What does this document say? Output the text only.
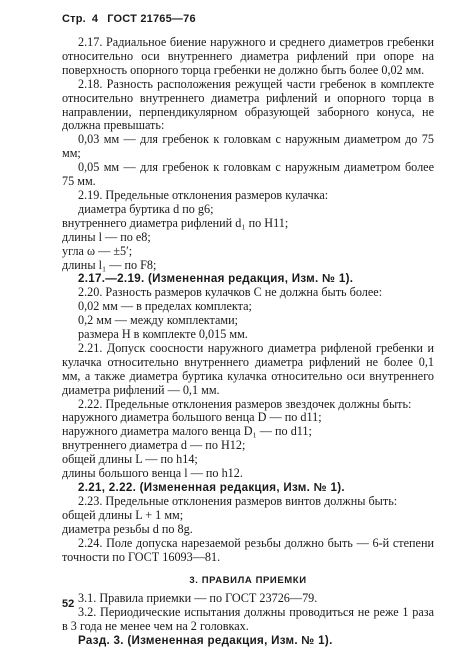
Стр. 4 ГОСТ 21765—76

2.17. Радиальное биение наружного и среднего диаметров гребенки относительно оси внутреннего диаметра рифлений при опоре на поверхность опорного торца гребенки не должно быть более 0,02 мм.

2.18. Разность расположения режущей части гребенок в комплекте относительно внутреннего диаметра рифлений и опорного торца в направлении, перпендикулярном образующей заборного конуса, не должна превышать:

0,03 мм — для гребенок к головкам с наружным диаметром до 75 мм;

0,05 мм — для гребенок к головкам с наружным диаметром более 75 мм.

2.19. Предельные отклонения размеров кулачка:

диаметра буртика d по g6;

внутреннего диаметра рифлений d₁ по Н11;

длины l — по е8;

угла ω — ±5′;

длины l₁ — по F8;

2.17.—2.19. (Измененная редакция, Изм. № 1).

2.20. Разность размеров кулачков С не должна быть более:

0,02 мм — в пределах комплекта;

0,2 мм — между комплектами;

размера Н в комплекте 0,015 мм.

2.21. Допуск соосности наружного диаметра рифленой гребенки и кулачка относительно внутреннего диаметра рифлений не более 0,1 мм, а также диаметра буртика кулачка относительно оси внутреннего диаметра рифлений — 0,1 мм.

2.22. Предельные отклонения размеров звездочек должны быть:

наружного диаметра большого венца D — по d11;

наружного диаметра малого венца D₁ — по d11;

внутреннего диаметра d — по Н12;

общей длины L — по h14;

длины большого венца l — по h12.

2.21, 2.22. (Измененная редакция, Изм. № 1).

2.23. Предельные отклонения размеров винтов должны быть:

общей длины L + 1 мм;

диаметра резьбы d по 8g.

2.24. Поле допуска нарезаемой резьбы должно быть — 6-й степени точности по ГОСТ 16093—81.

3. ПРАВИЛА ПРИЕМКИ

3.1. Правила приемки — по ГОСТ 23726—79.

3.2. Периодические испытания должны проводиться не реже 1 раза в 3 года не менее чем на 2 головках.

Разд. 3. (Измененная редакция, Изм. № 1).

52
